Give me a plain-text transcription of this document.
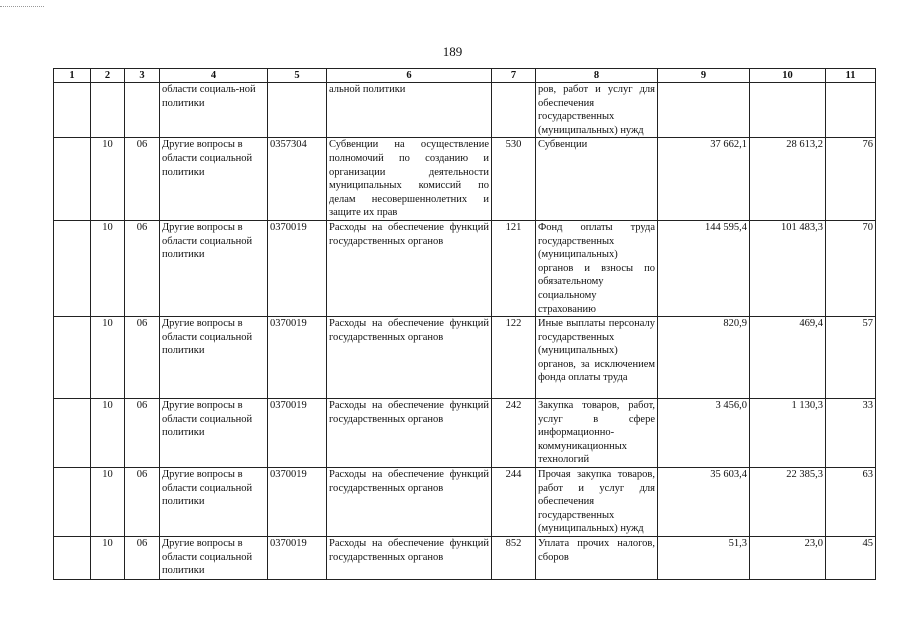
189
1	2	3	4	5	6	7	8	9	10	11
			области социаль-ной политики		альной политики		ров, работ и услуг для обеспечения государственных (муниципальных) нужд			
	10	06	Другие вопросы в области социальной политики	0357304	Субвенции на осуществление полномочий по созданию и организации деятельности муниципальных комиссий по делам несовершеннолетних и защите их прав	530	Субвенции	37 662,1	28 613,2	76
	10	06	Другие вопросы в области социальной политики	0370019	Расходы на обеспечение функций государственных органов	121	Фонд оплаты труда государственных (муниципальных) органов и взносы по обязательному социальному страхованию	144 595,4	101 483,3	70
	10	06	Другие вопросы в области социальной политики	0370019	Расходы на обеспечение функций государственных органов	122	Иные выплаты персоналу государственных (муниципальных) органов, за исключением фонда оплаты труда	820,9	469,4	57
	10	06	Другие вопросы в области социальной политики	0370019	Расходы на обеспечение функций государственных органов	242	Закупка товаров, работ, услуг в сфере информационно-коммуникационных технологий	3 456,0	1 130,3	33
	10	06	Другие вопросы в области социальной политики	0370019	Расходы на обеспечение функций государственных органов	244	Прочая закупка товаров, работ и услуг для обеспечения государственных (муниципальных) нужд	35 603,4	22 385,3	63
	10	06	Другие вопросы в области социальной политики	0370019	Расходы на обеспечение функций государственных органов	852	Уплата прочих налогов, сборов	51,3	23,0	45
